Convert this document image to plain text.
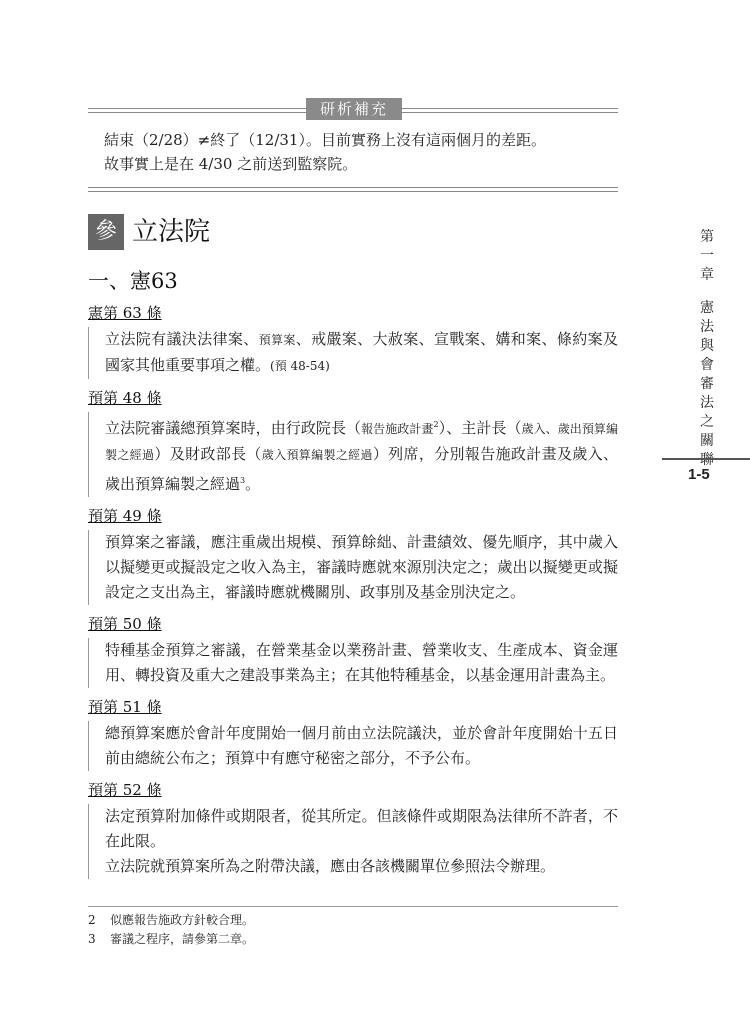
研析補充

結束（2/28）≠終了（12/31）。目前實務上沒有這兩個月的差距。

故事實上是在 4/30 之前送到監察院。

參 立法院
一、憲63
憲第 63 條

立法院有議決法律案、預算案、戒嚴案、大赦案、宣戰案、媾和案、條約案及國家其他重要事項之權。(預 48-54)

預第 48 條

立法院審議總預算案時，由行政院長（報告施政計畫$^2$）、主計長（歲入、歲出預算編製之經過）及財政部長（歲入預算編製之經過）列席，分別報告施政計畫及歲入、歲出預算編製之經過$^3$。

預第 49 條

預算案之審議，應注重歲出規模、預算餘絀、計畫績效、優先順序，其中歲入以擬變更或擬設定之收入為主，審議時應就來源別決定之；歲出以擬變更或擬設定之支出為主，審議時應就機關別、政事別及基金別決定之。

預第 50 條

特種基金預算之審議，在營業基金以業務計畫、營業收支、生產成本、資金運用、轉投資及重大之建設事業為主；在其他特種基金，以基金運用計畫為主。

預第 51 條

總預算案應於會計年度開始一個月前由立法院議決，並於會計年度開始十五日前由總統公布之；預算中有應守秘密之部分，不予公布。

預第 52 條

法定預算附加條件或期限者，從其所定。但該條件或期限為法律所不許者，不在此限。

立法院就預算案所為之附帶決議，應由各該機關單位參照法令辦理。

2 似應報告施政方針較合理。

3 審議之程序，請參第二章。

第
一
章
憲
法
與
會
審
法
之
關
聯
1-5
